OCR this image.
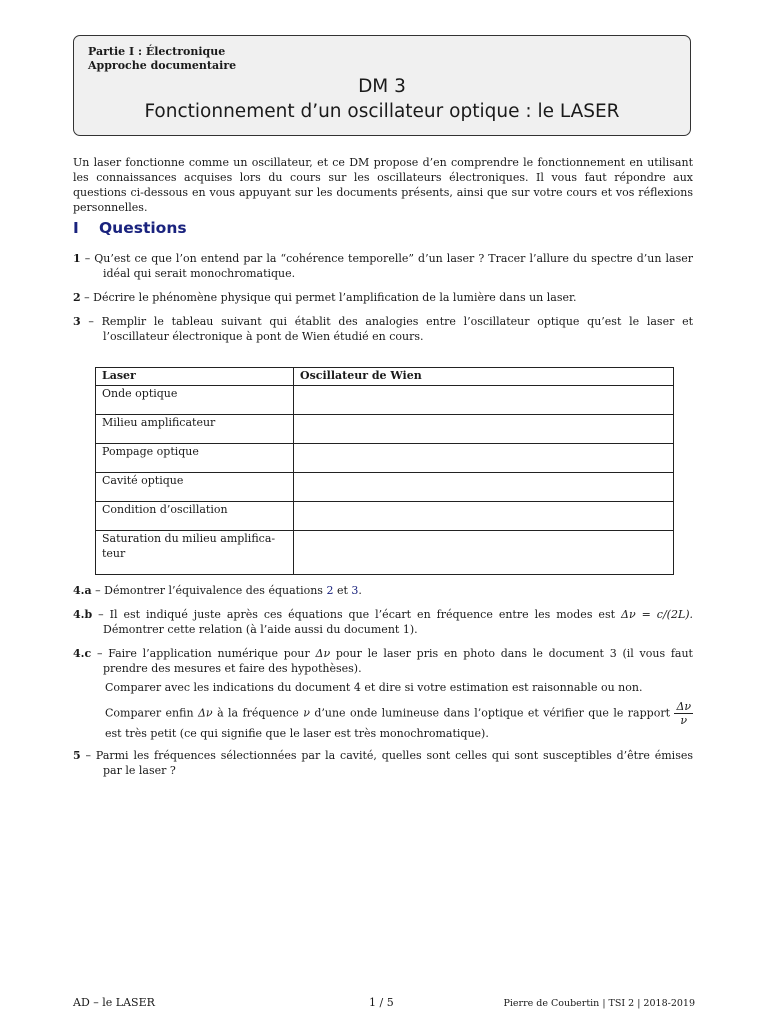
Partie I : Électronique
Approche documentaire
DM 3
Fonctionnement d’un oscillateur optique : le LASER
Un laser fonctionne comme un oscillateur, et ce DM propose d’en comprendre le fonctionnement en utilisant les connaissances acquises lors du cours sur les oscillateurs électroniques. Il vous faut répondre aux questions ci-dessous en vous appuyant sur les documents présents, ainsi que sur votre cours et vos réflexions personnelles.
I Questions
1 – Qu’est ce que l’on entend par la “cohérence temporelle” d’un laser ? Tracer l’allure du spectre d’un laser idéal qui serait monochromatique.
2 – Décrire le phénomène physique qui permet l’amplification de la lumière dans un laser.
3 – Remplir le tableau suivant qui établit des analogies entre l’oscillateur optique qu’est le laser et l’oscillateur électronique à pont de Wien étudié en cours.
Laser	Oscillateur de Wien
Onde optique	
Milieu amplificateur	
Pompage optique	
Cavité optique	
Condition d’oscillation	
Saturation du milieu amplifica-teur	
4.a – Démontrer l’équivalence des équations 2 et 3.
4.b – Il est indiqué juste après ces équations que l’écart en fréquence entre les modes est Δν = c/(2L). Démontrer cette relation (à l’aide aussi du document 1).
4.c – Faire l’application numérique pour Δν pour le laser pris en photo dans le document 3 (il vous faut prendre des mesures et faire des hypothèses).
Comparer avec les indications du document 4 et dire si votre estimation est raisonnable ou non.
Comparer enfin Δν à la fréquence ν d’une onde lumineuse dans l’optique et vérifier que le rapport $\frac{\Delta\nu}{\nu}$
est très petit (ce qui signifie que le laser est très monochromatique).
5 – Parmi les fréquences sélectionnées par la cavité, quelles sont celles qui sont susceptibles d’être émises par le laser ?
AD – le LASER	1 / 5	Pierre de Coubertin | TSI 2 | 2018-2019
